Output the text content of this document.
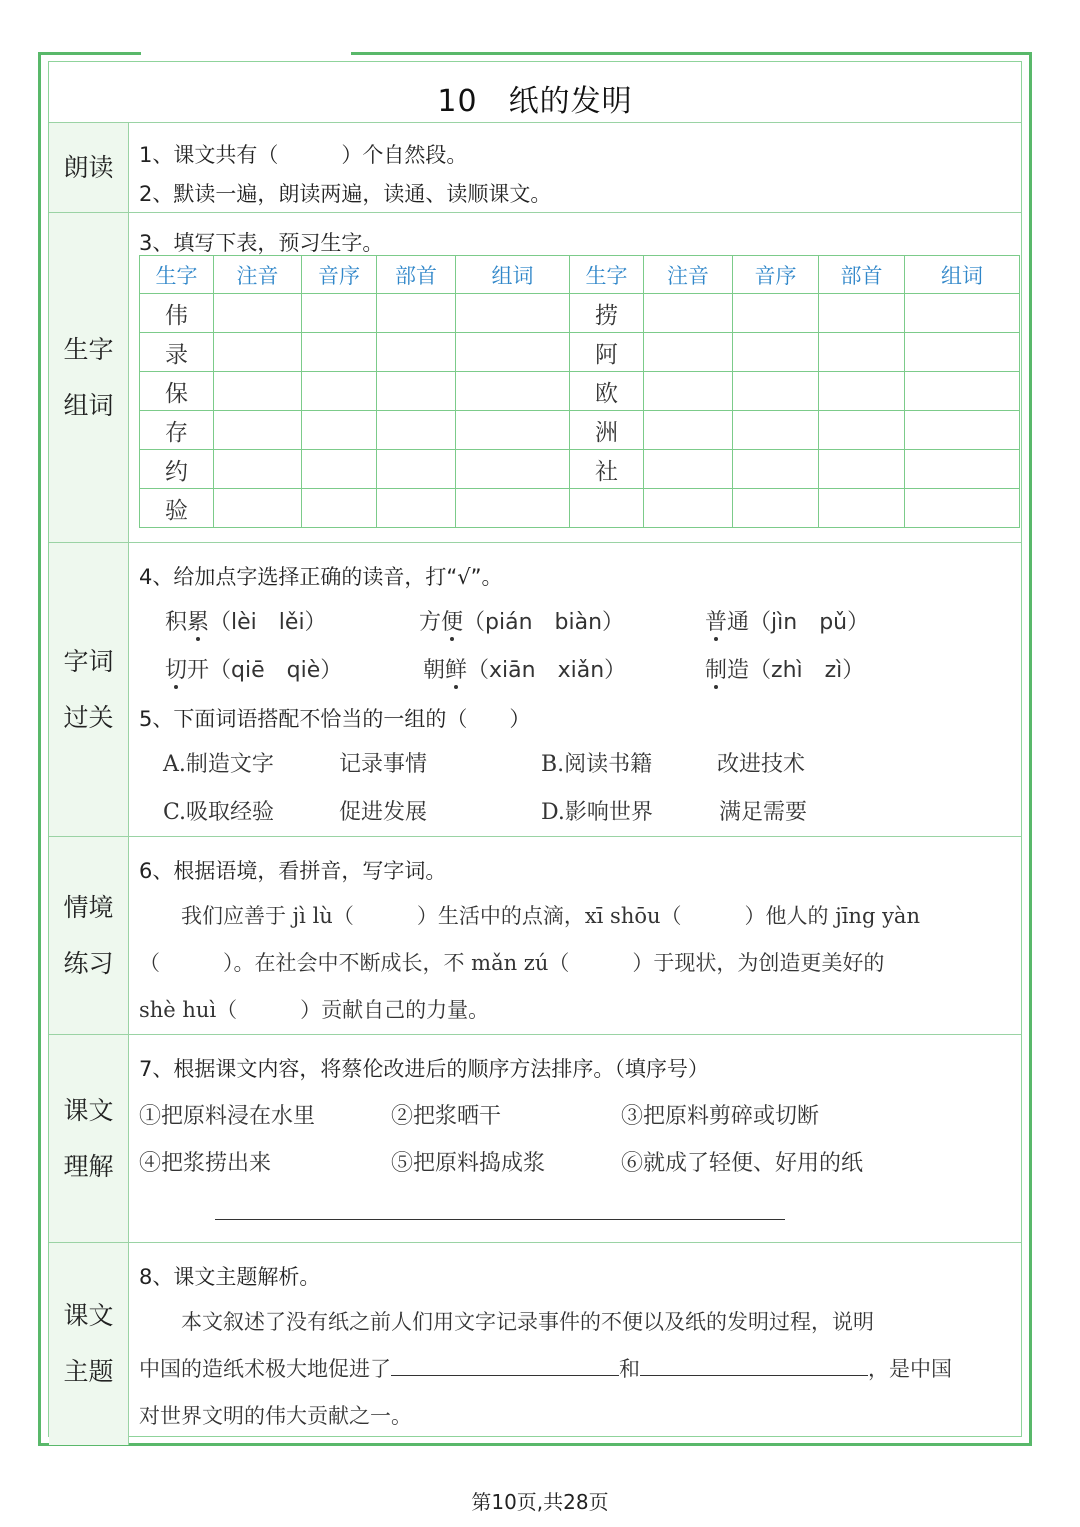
10　纸的发明
朗读 1、课文共有（　　　）个自然段。
2、默读一遍，朗读两遍，读通、读顺课文。
生字
组词
3、填写下表，预习生字。
生字	注音	音序	部首	组词	生字	注音	音序	部首	组词
伟					捞				
录					阿				
保					欧				
存					洲				
约					社				
验									
字词
过关
4、给加点字选择正确的读音，打“√”。
积累（lèi　lěi）	方便（pián　biàn）	普通（jìn　pǔ）
切开（qiē　qiè）	朝鲜（xiān　xiǎn）	制造（zhì　zì）
5、下面词语搭配不恰当的一组的（　　）
A.制造文字	记录事情	B.阅读书籍	改进技术
C.吸取经验	促进发展	D.影响世界	满足需要
情境
练习
6、根据语境，看拼音，写字词。
　　我们应善于 jì lù（　　　）生活中的点滴，xī shōu（　　　）他人的 jīng yàn
（　　　）。在社会中不断成长，不 mǎn zú（　　　）于现状，为创造更美好的
shè huì（　　　）贡献自己的力量。
课文
理解
7、根据课文内容，将蔡伦改进后的顺序方法排序。（填序号）
①把原料浸在水里	②把浆晒干	③把原料剪碎或切断
④把浆捞出来	⑤把原料捣成浆	⑥就成了轻便、好用的纸
课文
主题
8、课文主题解析。
　　本文叙述了没有纸之前人们用文字记录事件的不便以及纸的发明过程，说明
中国的造纸术极大地促进了	和	，是中国
对世界文明的伟大贡献之一。
第10页,共28页
